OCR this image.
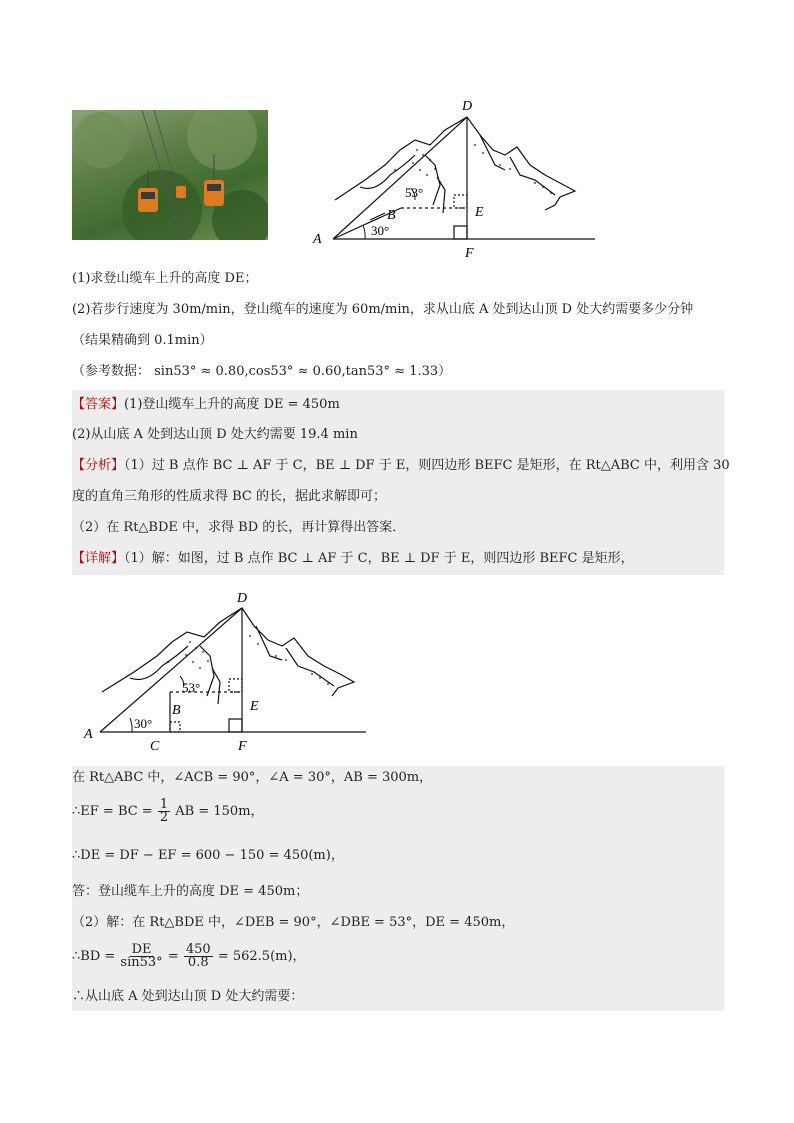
D
E
F
A
B
53°
30°
(1)求登山缆车上升的高度 DE；
(2)若步行速度为 30m/min，登山缆车的速度为 60m/min，求从山底 A 处到达山顶 D 处大约需要多少分钟
（结果精确到 0.1min）
（参考数据： sin53° ≈ 0.80,cos53° ≈ 0.60,tan53° ≈ 1.33）
【答案】(1)登山缆车上升的高度 DE = 450m
(2)从山底 A 处到达山顶 D 处大约需要 19.4 min
【分析】（1）过 B 点作 BC ⊥ AF 于 C，BE ⊥ DF 于 E，则四边形 BEFC 是矩形，在 Rt△ABC 中，利用含 30
度的直角三角形的性质求得 BC 的长，据此求解即可；
（2）在 Rt△BDE 中，求得 BD 的长，再计算得出答案．
【详解】（1）解：如图，过 B 点作 BC ⊥ AF 于 C，BE ⊥ DF 于 E，则四边形 BEFC 是矩形，
D
E
F
A
B
C
53°
30°
在 Rt△ABC 中，∠ACB = 90°，∠A = 30°，AB = 300m，
∴EF = BC = $\frac{1}{2}$ AB = 150m，
∴DE = DF − EF = 600 − 150 = 450(m)，
答：登山缆车上升的高度 DE = 450m；
（2）解：在 Rt△BDE 中，∠DEB = 90°，∠DBE = 53°，DE = 450m，
∴BD = $\frac{DE}{\sin 53^\circ} = \frac{450}{0.8} = 562.5(m)$，
∴从山底 A 处到达山顶 D 处大约需要：
